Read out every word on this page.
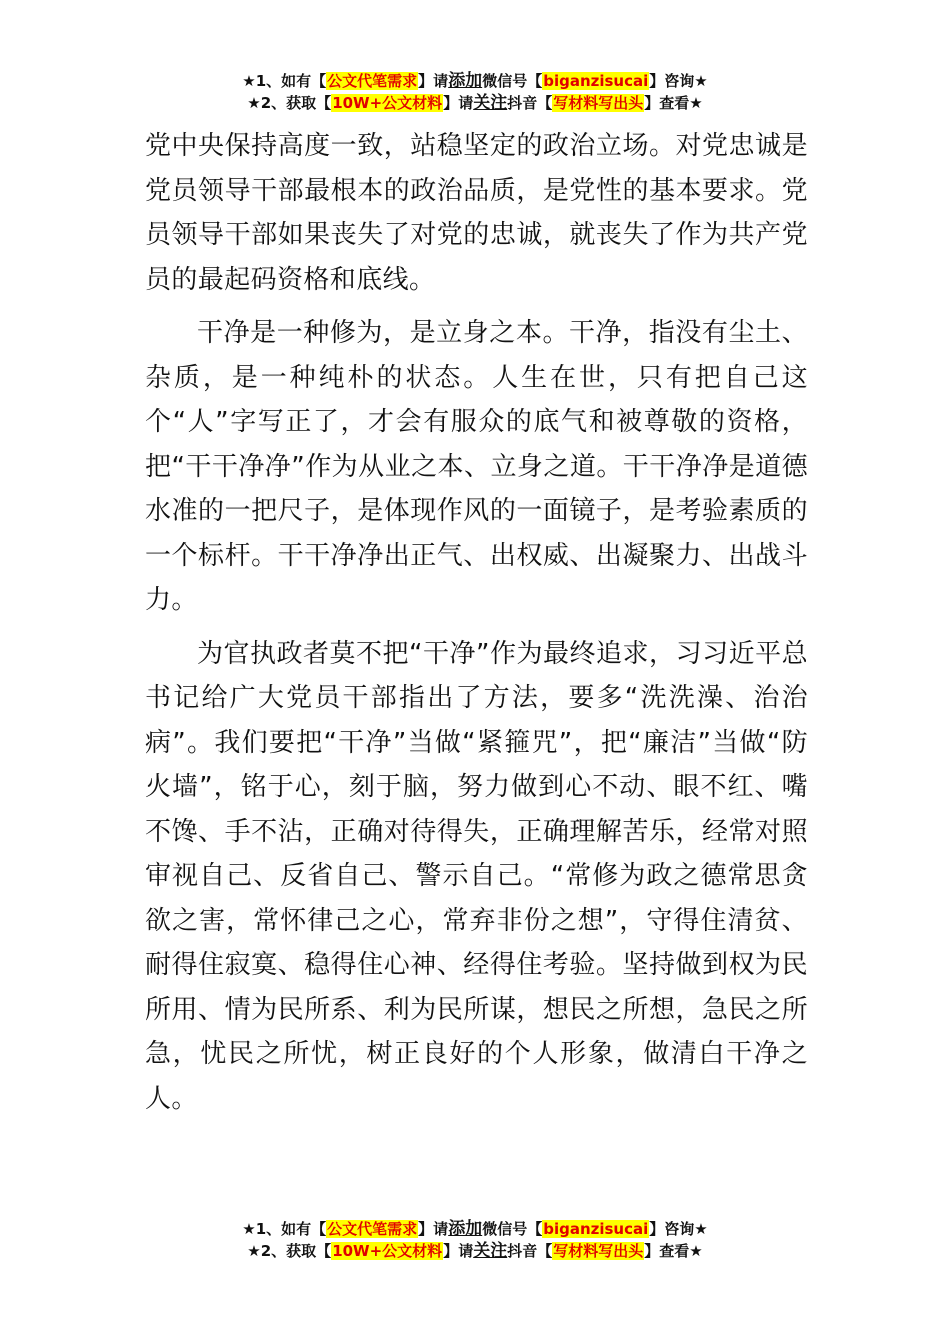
★1、如有【公文代笔需求】请添加微信号【biganzisucai】咨询★
★2、获取【10W+公文材料】请关注抖音【写材料写出头】查看★

党中央保持高度一致，站稳坚定的政治立场。对党忠诚是党员领导干部最根本的政治品质，是党性的基本要求。党员领导干部如果丧失了对党的忠诚，就丧失了作为共产党员的最起码资格和底线。

干净是一种修为，是立身之本。干净，指没有尘土、杂质，是一种纯朴的状态。人生在世，只有把自己这个“人”字写正了，才会有服众的底气和被尊敬的资格，把“干干净净”作为从业之本、立身之道。干干净净是道德水准的一把尺子，是体现作风的一面镜子，是考验素质的一个标杆。干干净净出正气、出权威、出凝聚力、出战斗力。

为官执政者莫不把“干净”作为最终追求，习习近平总书记给广大党员干部指出了方法，要多“洗洗澡、治治病”。我们要把“干净”当做“紧箍咒”，把“廉洁”当做“防火墙”，铭于心，刻于脑，努力做到心不动、眼不红、嘴不馋、手不沾，正确对待得失，正确理解苦乐，经常对照审视自己、反省自己、警示自己。“常修为政之德常思贪欲之害，常怀律己之心，常弃非份之想”，守得住清贫、耐得住寂寞、稳得住心神、经得住考验。坚持做到权为民所用、情为民所系、利为民所谋，想民之所想，急民之所急，忧民之所忧，树正良好的个人形象，做清白干净之人。

★1、如有【公文代笔需求】请添加微信号【biganzisucai】咨询★
★2、获取【10W+公文材料】请关注抖音【写材料写出头】查看★
